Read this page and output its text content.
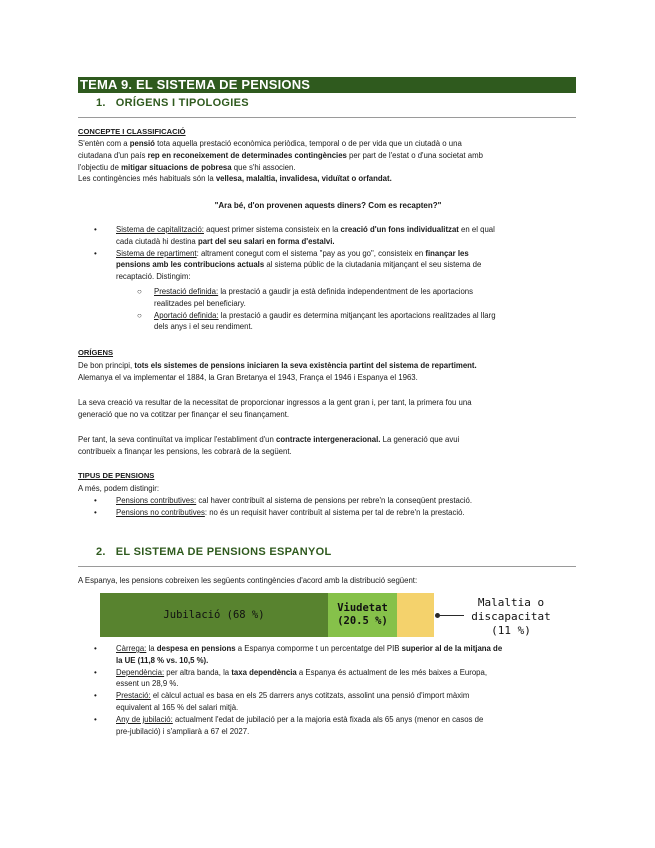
TEMA 9. EL SISTEMA DE PENSIONS
1. ORÍGENS I TIPOLOGIES
CONCEPTE I CLASSIFICACIÓ

S'entèn com a pensió tota aquella prestació econòmica periòdica, temporal o de per vida que un ciutadà o una

ciutadana d'un país rep en reconeixement de determinades contingències per part de l'estat o d'una societat amb

l'objectiu de mitigar situacions de pobresa que s'hi associen.

Les contingències més habituals són la vellesa, malaltia, invalidesa, viduïtat o orfandat.

"Ara bé, d'on provenen aquests diners? Com es recapten?"
• Sistema de capitalització: aquest primer sistema consisteix en la creació d'un fons individualitzat en el qual
cada ciutadà hi destina part del seu salari en forma d'estalvi.
• Sistema de repartiment: altrament conegut com el sistema "pay as you go", consisteix en finançar les
pensions amb les contribucions actuals al sistema públic de la ciutadania mitjançant el seu sistema de
recaptació. Distingim:
○ Prestació definida: la prestació a gaudir ja està definida independentment de les aportacions
realitzades pel beneficiary.
○ Aportació definida: la prestació a gaudir es determina mitjançant les aportacions realitzades al llarg
dels anys i el seu rendiment.
ORÍGENS

De bon principi, tots els sistemes de pensions iniciaren la seva existència partint del sistema de repartiment.

Alemanya el va implementar el 1884, la Gran Bretanya el 1943, França el 1946 i Espanya el 1963.

La seva creació va resultar de la necessitat de proporcionar ingressos a la gent gran i, per tant, la primera fou una

generació que no va cotitzar per finançar el seu finançament.

Per tant, la seva continuïtat va implicar l'establiment d'un contracte intergeneracional. La generació que avui

contribueix a finançar les pensions, les cobrarà de la següent.

TIPUS DE PENSIONS
A més, podem distingir:
• Pensions contributives: cal haver contribuït al sistema de pensions per rebre'n la conseqüent prestació.
• Pensions no contributives: no és un requisit haver contribuït al sistema per tal de rebre'n la prestació.
2. EL SISTEMA DE PENSIONS ESPANYOL
A Espanya, les pensions cobreixen les següents contingències d'acord amb la distribució següent:
Jubilació (68 %)
Viudetat
(20.5 %)
Malaltia o
discapacitat
(11 %)
• Càrrega: la despesa en pensions a Espanya comporme t un percentatge del PIB superior al de la mitjana de
la UE (11,8 % vs. 10,5 %).
• Dependència: per altra banda, la taxa dependència a Espanya és actualment de les més baixes a Europa,
essent un 28,9 %.
• Prestació: el càlcul actual es basa en els 25 darrers anys cotitzats, assolint una pensió d'import màxim
equivalent al 165 % del salari mitjà.
• Any de jubilació: actualment l'edat de jubilació per a la majoria està fixada als 65 anys (menor en casos de
pre-jubilació) i s'ampliarà a 67 el 2027.
